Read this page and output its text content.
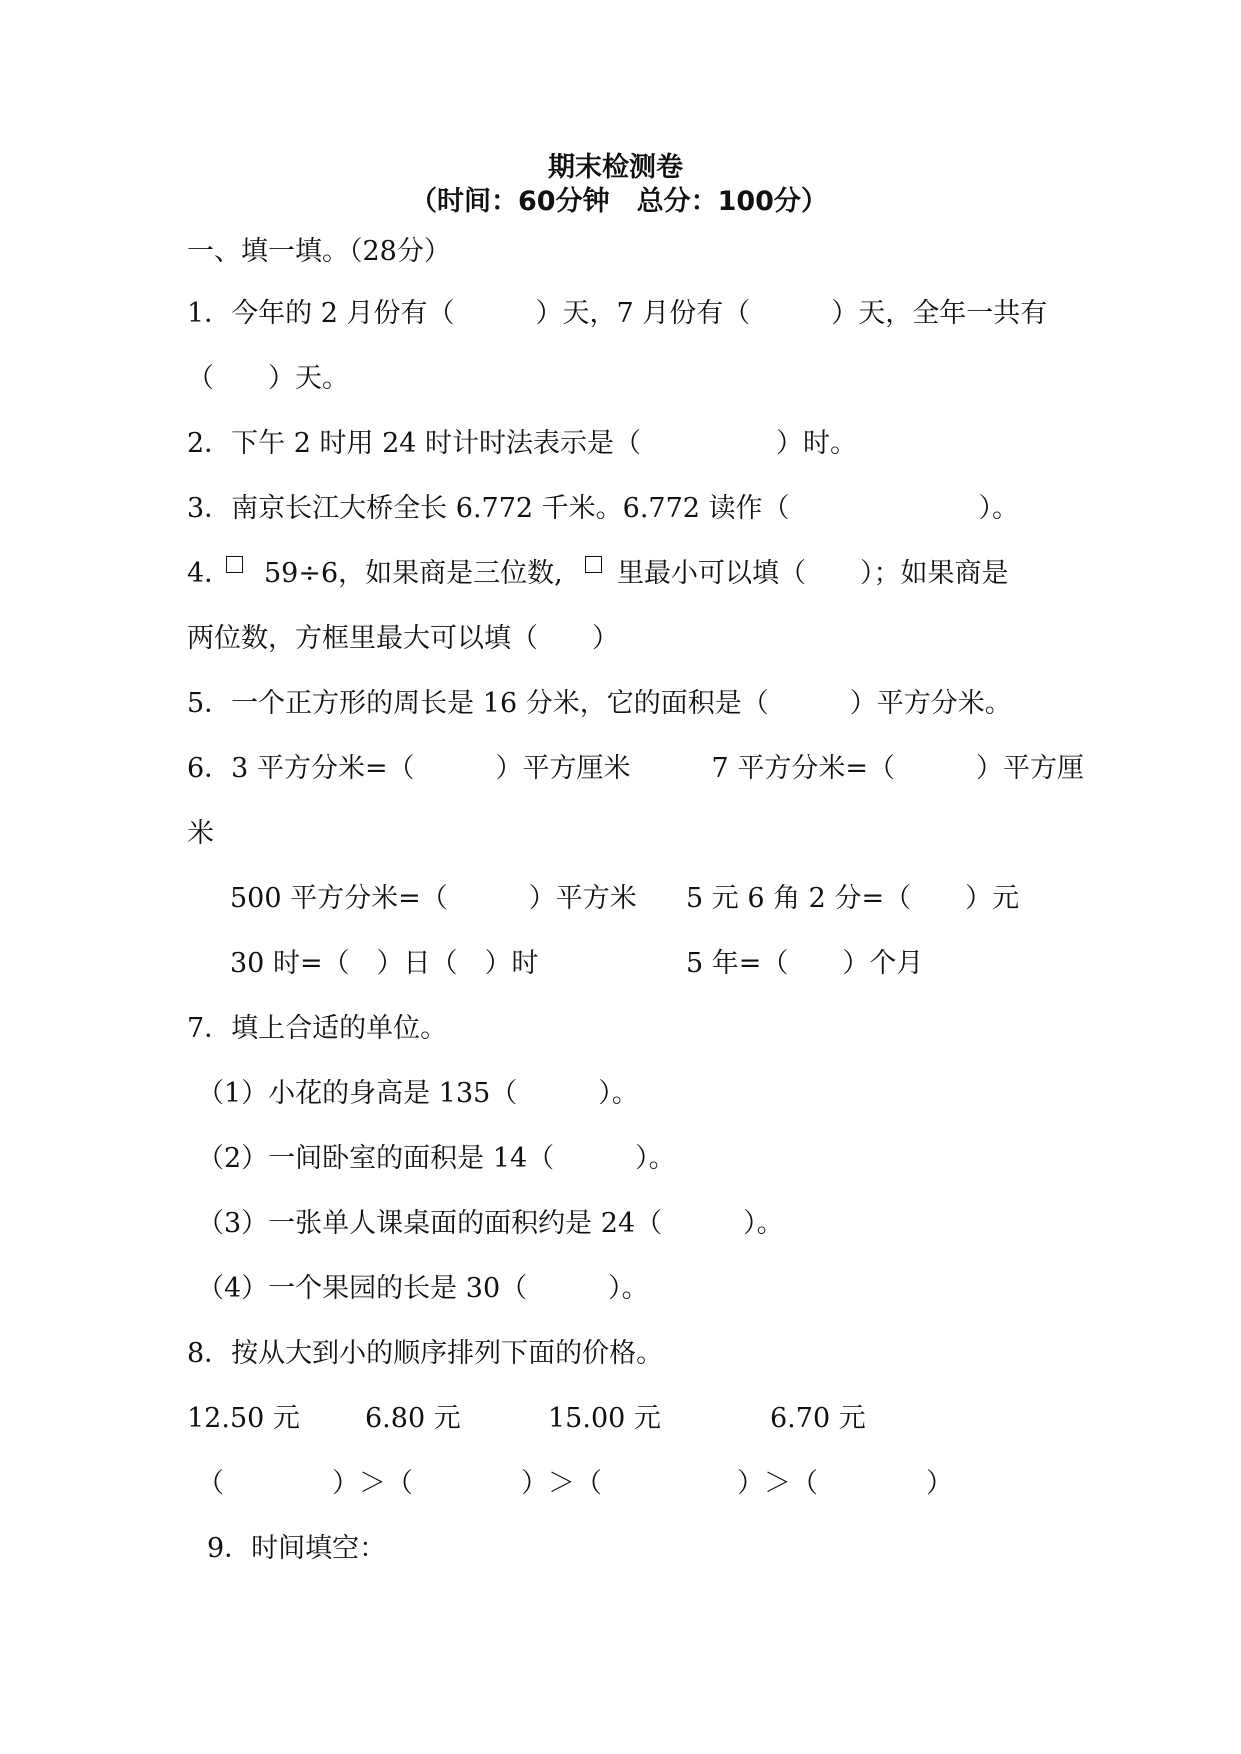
期末检测卷
（时间：60分钟　总分：100分）
一、填一填。（28分）
1．今年的 2 月份有（　　　）天，7 月份有（　　　）天，全年一共有
（　　）天。
2．下午 2 时用 24 时计时法表示是（　　　　　）时。
3．南京长江大桥全长 6.772 千米。6.772 读作（　　　　　　　）。
4． 59÷6，如果商是三位数, 里最小可以填（　　）；如果商是
两位数，方框里最大可以填（　　）
5．一个正方形的周长是 16 分米，它的面积是（　　　）平方分米。
6．3 平方分米=（　　　）平方厘米　　　7 平方分米=（　　　）平方厘
米
500 平方分米=（　　　）平方米 5 元 6 角 2 分=（　　）元
30 时=（　）日（　）时	5 年=（　　）个月
7．填上合适的单位。
（1）小花的身高是 135（　　　）。
（2）一间卧室的面积是 14（　　　）。
（3）一张单人课桌面的面积约是 24（　　　）。
（4）一个果园的长是 30（　　　）。
8．按从大到小的顺序排列下面的价格。
12.50 元 6.80 元	15.00 元	6.70 元
（　　　　）＞（　　　　）＞（　　　　　）＞（　　　　）
9．时间填空：
